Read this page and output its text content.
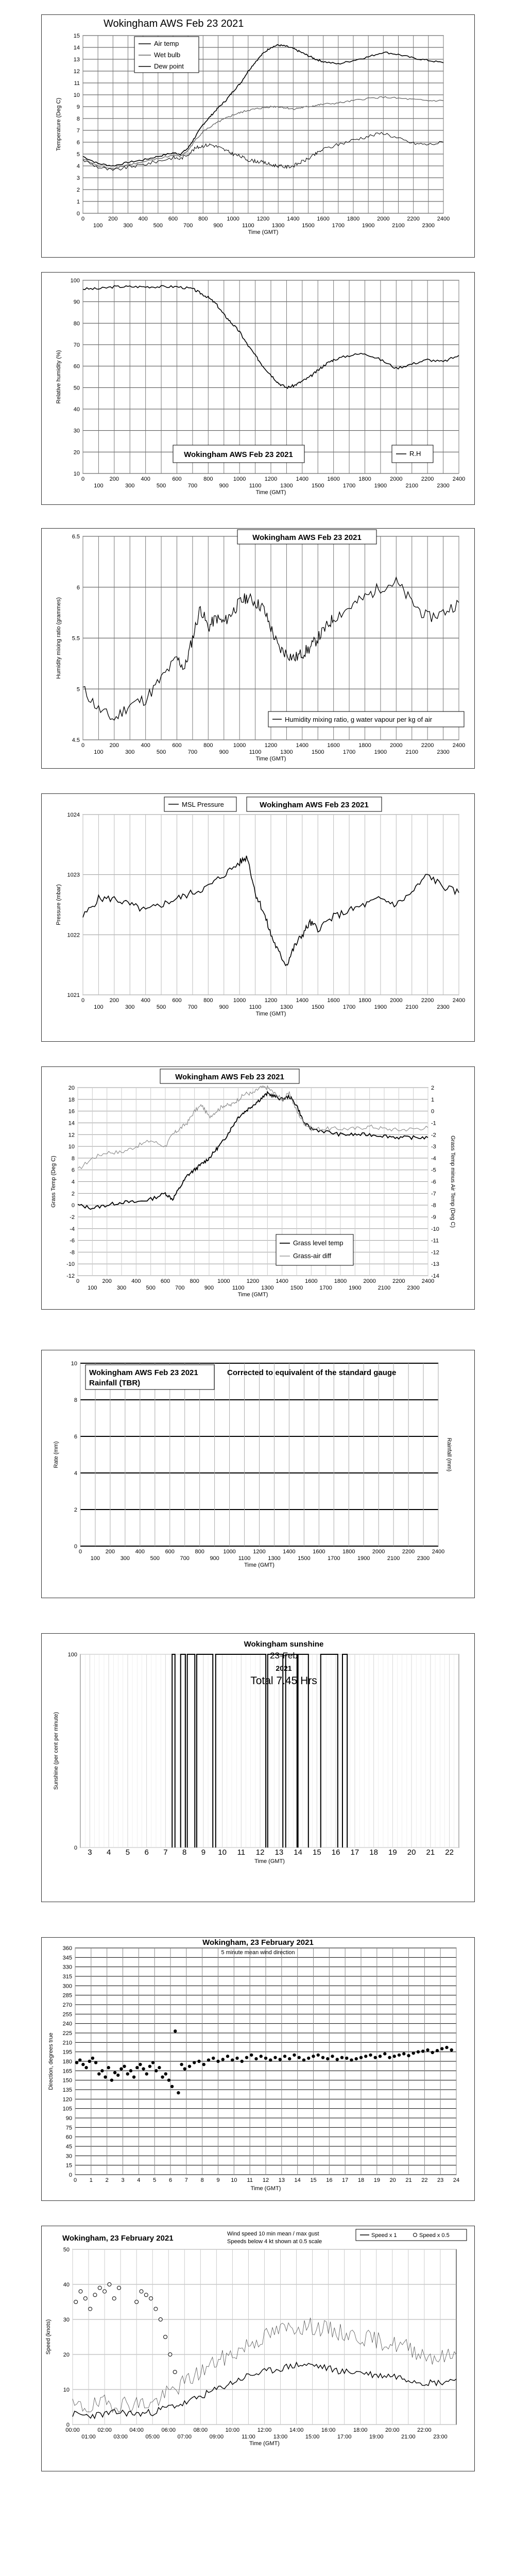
0
1
2
3
4
5
6
7
8
9
10
11
12
13
14
15
0
100
200
300
400
500
600
700
800
900
1000
1100
1200
1300
1400
1500
1600
1700
1800
1900
2000
2100
2200
2300
2400
Time (GMT)
Temperature (Deg C)
Air temp
Wet bulb
Dew point
Wokingham AWS Feb 23 2021
10
20
30
40
50
60
70
80
90
100
0
100
200
300
400
500
600
700
800
900
1000
1100
1200
1300
1400
1500
1600
1700
1800
1900
2000
2100
2200
2300
2400
Time (GMT)
Relative humidity (%)
Wokingham AWS Feb 23 2021	R.H
4.5
5
5.5
6
6.5
0
100
200
300
400
500
600
700
800
900
1000
1100
1200
1300
1400
1500
1600
1700
1800
1900
2000
2100
2200
2300
2400
Time (GMT)
Humidity mixing ratio (grammes)
Wokingham AWS Feb 23 2021
Humidity mixing ratio, g water vapour per kg of air
1021
1022
1023
1024
0
100
200
300
400
500
600
700
800
900
1000
1100
1200
1300
1400
1500
1600
1700
1800
1900
2000
2100
2200
2300
2400
Time (GMT)
Pressure (mbar)
MSL Pressure	Wokingham AWS Feb 23 2021
-12
-10
-8
-6
-4
-2
0
2
4
6
8
10
12
14
16
18
20
0
100
200
300
400
500
600
700
800
900
1000
1100
1200
1300
1400
1500
1600
1700
1800
1900
2000
2100
2200
2300
2400
Time (GMT)
Grass Temp (Deg C)
-14
-13
-12
-11
-10
-9
-8
-7
-6
-5
-4
-3
-2
-1
0
1
2
Grass Temp minus Air Temp (Deg C)
Wokingham AWS Feb 23 2021
Grass level temp
Grass-air diff
0
2
4
6
8
10
0
100
200
300
400
500
600
700
800
900
1000
1100
1200
1300
1400
1500
1600
1700
1800
1900
2000
2100
2200
2300
2400
Time (GMT)
Rate (mm)	Rainfall (mm)
Wokingham AWS Feb 23 2021
Rainfall (TBR)
Corrected to equivalent of the standard gauge
0
100
3 4 5 6 7 8 9 10 11 12 13 14 15 16 17 18 19 20 21 22
Time (GMT)
Sunshine (per cent per minute)
Wokingham sunshine
23-Feb
2021
Total 7.45 Hrs
0
15
30
45
60
75
90
105
120
135
150
165
180
195
210
225
240
255
270
285
300
315
330
345
360
0 1 2 3 4 5 6 7 8 9 10 11 12 13 14 15 16 17 18 19 20 21 22 23 24
Time (GMT)
Direction, degrees true
Wokingham, 23 February 2021
5 minute mean wind direction
0
10
20
30
40
50
00:00
01:00
02:00
03:00
04:00
05:00
06:00
07:00
08:00
09:00
10:00
11:00
12:00
13:00
14:00
15:00
16:00
17:00
18:00
19:00
20:00
21:00
22:00
23:00
Time (GMT)
Speed (knots)
Wokingham, 23 February 2021	Wind speed 10 min mean / max gust
Speeds below 4 kt shown at 0.5 scale
Speed x 1	Speed x 0.5
